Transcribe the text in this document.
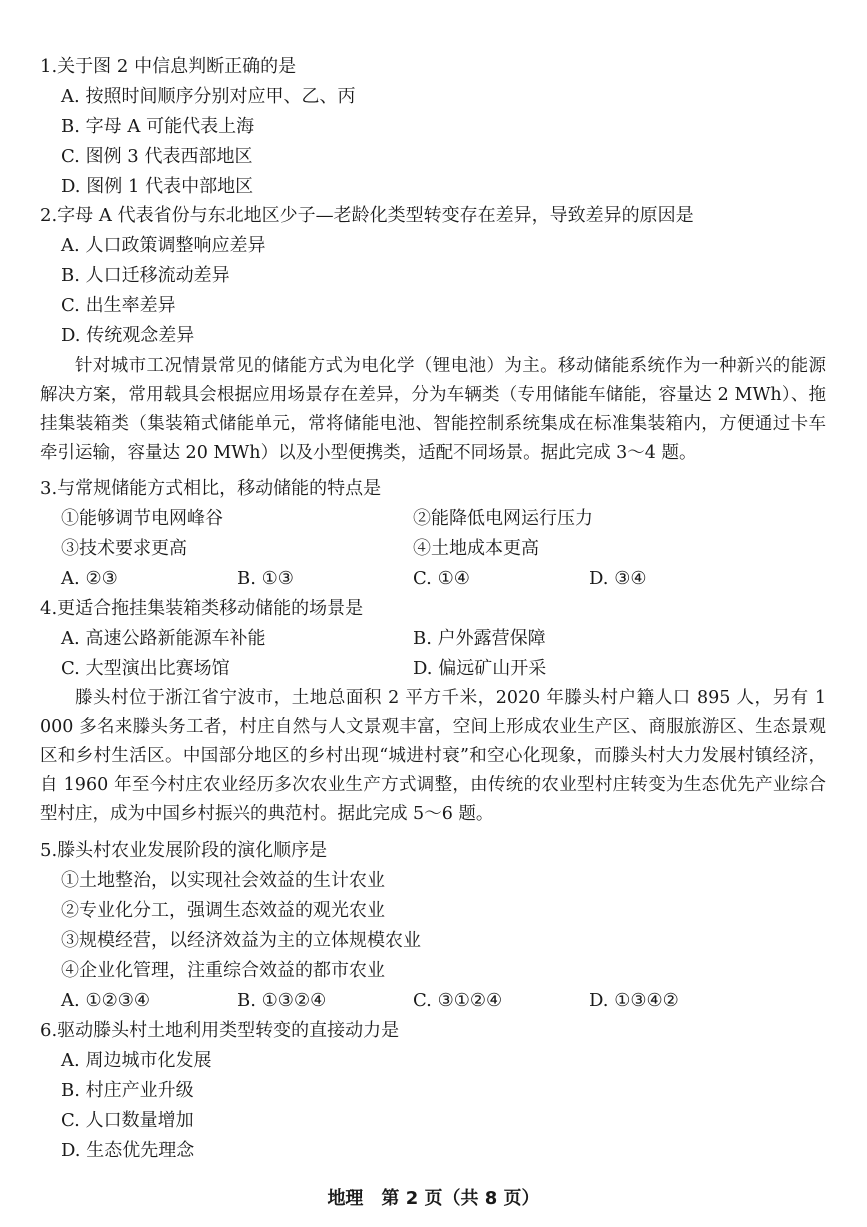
1.关于图 2 中信息判断正确的是
A. 按照时间顺序分别对应甲、乙、丙
B. 字母 A 可能代表上海
C. 图例 3 代表西部地区
D. 图例 1 代表中部地区
2.字母 A 代表省份与东北地区少子—老龄化类型转变存在差异，导致差异的原因是
A. 人口政策调整响应差异
B. 人口迁移流动差异
C. 出生率差异
D. 传统观念差异
针对城市工况情景常见的储能方式为电化学（锂电池）为主。移动储能系统作为一种新兴的能源解决方案，常用载具会根据应用场景存在差异，分为车辆类（专用储能车储能，容量达 2 MWh）、拖挂集装箱类（集装箱式储能单元，常将储能电池、智能控制系统集成在标准集装箱内，方便通过卡车牵引运输，容量达 20 MWh）以及小型便携类，适配不同场景。据此完成 3～4 题。
3.与常规储能方式相比，移动储能的特点是
①能够调节电网峰谷	②能降低电网运行压力
③技术要求更高	④土地成本更高
A. ②③	B. ①③	C. ①④	D. ③④
4.更适合拖挂集装箱类移动储能的场景是
A. 高速公路新能源车补能	B. 户外露营保障
C. 大型演出比赛场馆	D. 偏远矿山开采
滕头村位于浙江省宁波市，土地总面积 2 平方千米，2020 年滕头村户籍人口 895 人，另有 1 000 多名来滕头务工者，村庄自然与人文景观丰富，空间上形成农业生产区、商服旅游区、生态景观区和乡村生活区。中国部分地区的乡村出现“城进村衰”和空心化现象，而滕头村大力发展村镇经济，自 1960 年至今村庄农业经历多次农业生产方式调整，由传统的农业型村庄转变为生态优先产业综合型村庄，成为中国乡村振兴的典范村。据此完成 5～6 题。
5.滕头村农业发展阶段的演化顺序是
①土地整治，以实现社会效益的生计农业
②专业化分工，强调生态效益的观光农业
③规模经营，以经济效益为主的立体规模农业
④企业化管理，注重综合效益的都市农业
A. ①②③④	B. ①③②④	C. ③①②④	D. ①③④②
6.驱动滕头村土地利用类型转变的直接动力是
A. 周边城市化发展
B. 村庄产业升级
C. 人口数量增加
D. 生态优先理念
地理　第 2 页（共 8 页）
